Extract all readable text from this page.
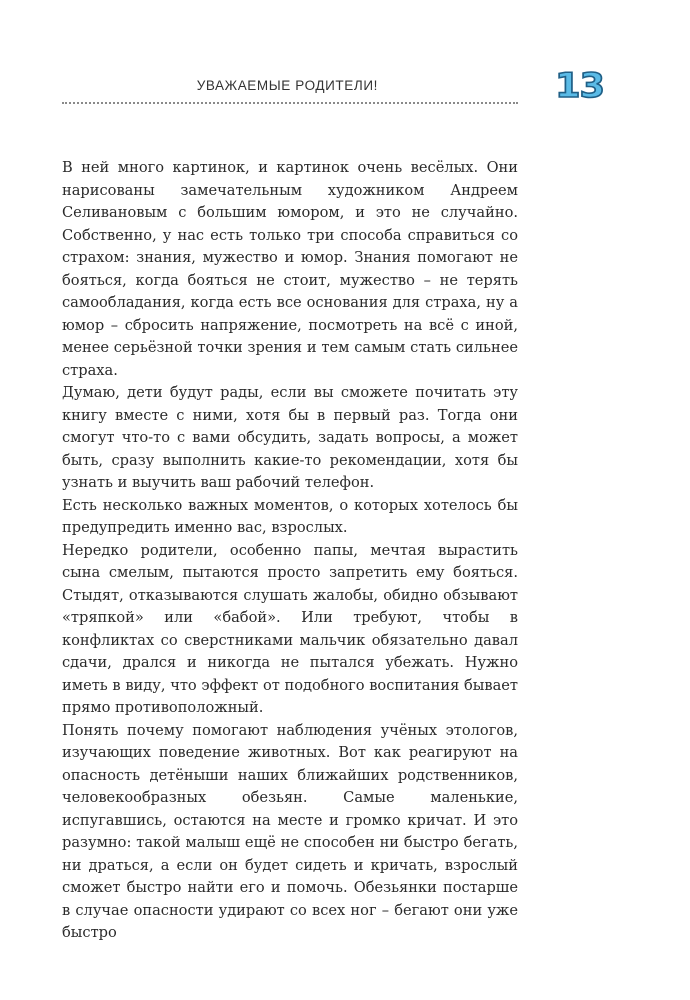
УВАЖАЕМЫЕ РОДИТЕЛИ!	13

В ней много картинок, и картинок очень весёлых. Они нарисованы замечательным художником Андреем Селивановым с большим юмором, и это не случайно. Собственно, у нас есть только три способа справиться со страхом: знания, мужество и юмор. Знания помогают не бояться, когда бояться не стоит, мужество – не терять самообладания, когда есть все основания для страха, ну а юмор – сбросить напряжение, посмотреть на всё с иной, менее серьёзной точки зрения и тем самым стать сильнее страха.

Думаю, дети будут рады, если вы сможете почитать эту книгу вместе с ними, хотя бы в первый раз. Тогда они смогут что-то с вами обсудить, задать вопросы, а может быть, сразу выполнить какие-то рекомендации, хотя бы узнать и выучить ваш рабочий телефон.

Есть несколько важных моментов, о которых хотелось бы предупредить именно вас, взрослых.

Нередко родители, особенно папы, мечтая вырастить сына смелым, пытаются просто запретить ему бояться. Стыдят, отказываются слушать жалобы, обидно обзывают «тряпкой» или «бабой». Или требуют, чтобы в конфликтах со сверстниками мальчик обязательно давал сдачи, дрался и никогда не пытался убежать. Нужно иметь в виду, что эффект от подобного воспитания бывает прямо противоположный.

Понять почему помогают наблюдения учёных этологов, изучающих поведение животных. Вот как реагируют на опасность детёныши наших ближайших родственников, человекообразных обезьян. Самые маленькие, испугавшись, остаются на месте и громко кричат. И это разумно: такой малыш ещё не способен ни быстро бегать, ни драться, а если он будет сидеть и кричать, взрослый сможет быстро найти его и помочь. Обезьянки постарше в случае опасности удирают со всех ног – бегают они уже быстро
